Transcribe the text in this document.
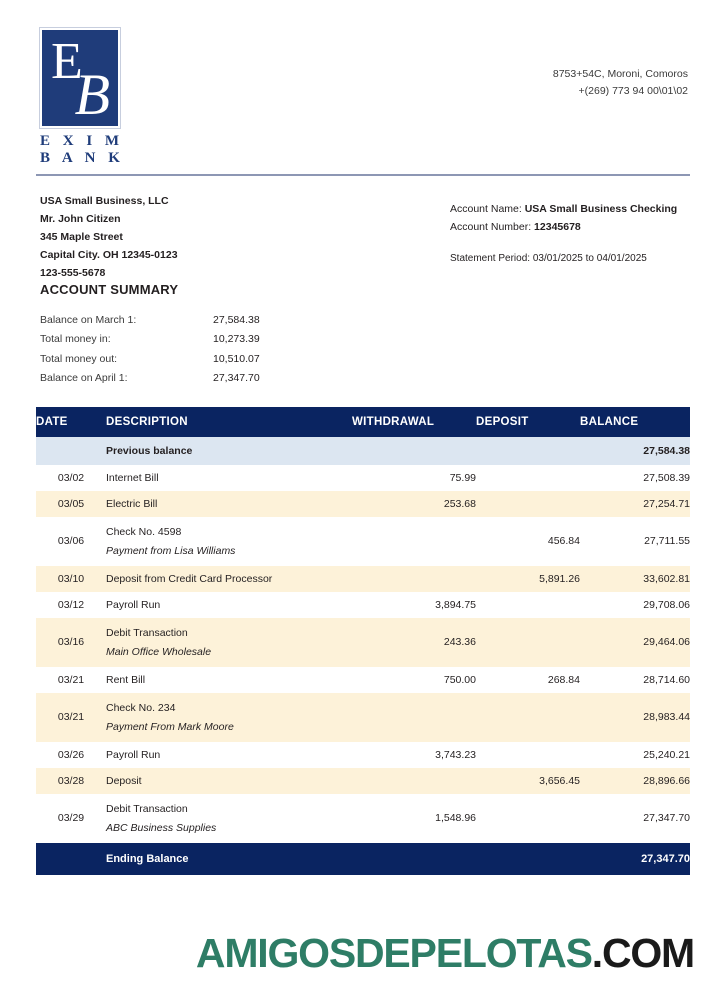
E
B
E X I M
B A N K
8753+54C, Moroni, Comoros
+(269) 773 94 00\01\02
USA Small Business, LLC
Mr. John Citizen
345 Maple Street
Capital City. OH 12345-0123
123-555-5678
Account Name: USA Small Business Checking
Account Number: 12345678
Statement Period: 03/01/2025 to 04/01/2025
ACCOUNT SUMMARY
Balance on March 1:	27,584.38
Total money in:	10,273.39
Total money out:	10,510.07
Balance on April 1:	27,347.70
DATE	DESCRIPTION	WITHDRAWAL	DEPOSIT	BALANCE
	Previous balance			27,584.38
03/02	Internet Bill	75.99		27,508.39
03/05	Electric Bill	253.68		27,254.71
03/06	Check No. 4598
Payment from Lisa Williams		456.84	27,711.55
03/10	Deposit from Credit Card Processor		5,891.26	33,602.81
03/12	Payroll Run	3,894.75		29,708.06
03/16	Debit Transaction
Main Office Wholesale	243.36		29,464.06
03/21	Rent Bill	750.00	268.84	28,714.60
03/21	Check No. 234
Payment From Mark Moore			28,983.44
03/26	Payroll Run	3,743.23		25,240.21
03/28	Deposit		3,656.45	28,896.66
03/29	Debit Transaction
ABC Business Supplies	1,548.96		27,347.70
	Ending Balance			27,347.70
AMIGOSDEPELOTAS.COM
